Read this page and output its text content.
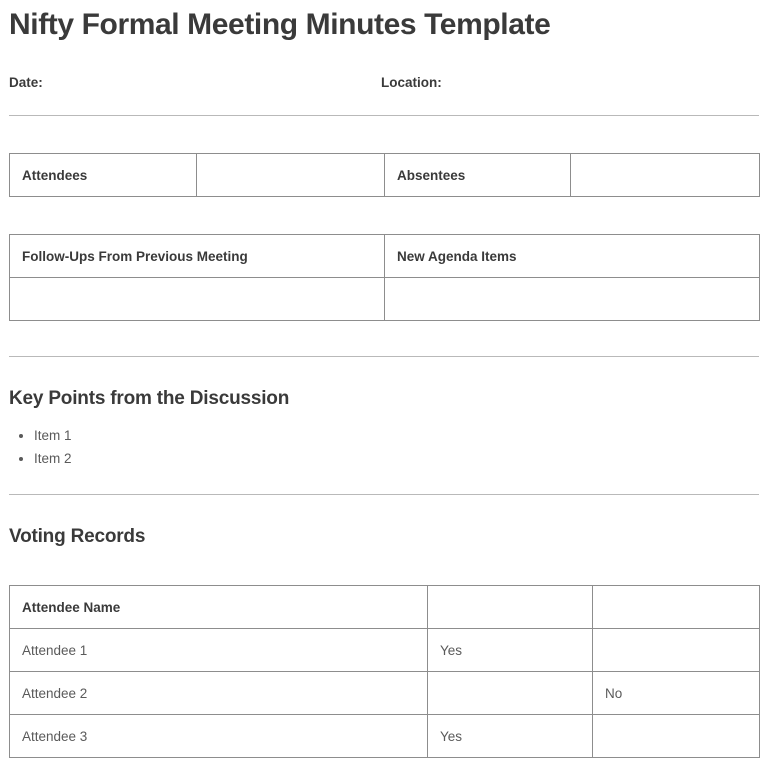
Nifty Formal Meeting Minutes Template
Date:	Location:
Attendees		Absentees	
Follow-Ups From Previous Meeting	New Agenda Items

Key Points from the Discussion
• Item 1
• Item 2
Voting Records
Attendee Name		
Attendee 1	Yes	
Attendee 2		No
Attendee 3	Yes	
